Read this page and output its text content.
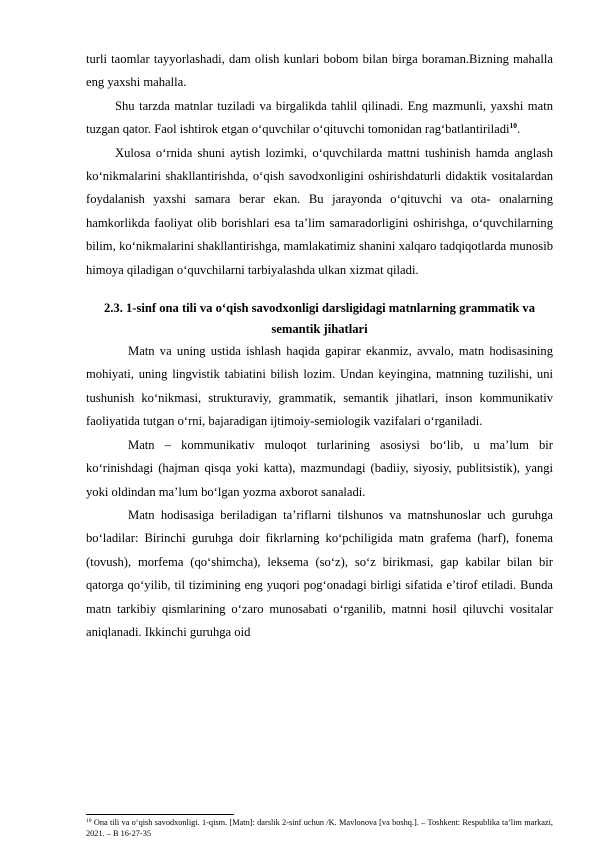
turli taomlar tayyorlashadi, dam olish kunlari bobom bilan birga boraman.Bizning mahalla eng yaxshi mahalla.

Shu tarzda matnlar tuziladi va birgalikda tahlil qilinadi. Eng mazmunli, yaxshi matn tuzgan qator. Faol ishtirok etgan o‘quvchilar o‘qituvchi tomonidan rag‘batlantiriladi$^{10}$.

Xulosa o‘rnida shuni aytish lozimki, o‘quvchilarda mattni tushinish hamda anglash ko‘nikmalarini shakllantirishda, o‘qish savodxonligini oshirishdaturli didaktik vositalardan foydalanish yaxshi samara berar ekan. Bu jarayonda o‘qituvchi va ota- onalarning hamkorlikda faoliyat olib borishlari esa ta’lim samaradorligini oshirishga, o‘quvchilarning bilim, ko‘nikmalarini shakllantirishga, mamlakatimiz shanini xalqaro tadqiqotlarda munosib himoya qiladigan o‘quvchilarni tarbiyalashda ulkan xizmat qiladi.

2.3. 1-sinf ona tili va o‘qish savodxonligi darsligidagi matnlarning grammatik va semantik jihatlari

Matn va uning ustida ishlash haqida gapirar ekanmiz, avvalo, matn hodisasining mohiyati, uning lingvistik tabiatini bilish lozim. Undan keyingina, matnning tuzilishi, uni tushunish ko‘nikmasi, strukturaviy, grammatik, semantik jihatlari, inson kommunikativ faoliyatida tutgan o‘rni, bajaradigan ijtimoiy-semiologik vazifalari o‘rganiladi.

Matn – kommunikativ muloqot turlarining asosiysi bo‘lib, u ma’lum bir ko‘rinishdagi (hajman qisqa yoki katta), mazmundagi (badiiy, siyosiy, publitsistik), yangi yoki oldindan ma’lum bo‘lgan yozma axborot sanaladi.

Matn hodisasiga beriladigan ta’riflarni tilshunos va matnshunoslar uch guruhga bo‘ladilar: Birinchi guruhga doir fikrlarning ko‘pchiligida matn grafema (harf), fonema (tovush), morfema (qo‘shimcha), leksema (so‘z), so‘z birikmasi, gap kabilar bilan bir qatorga qo‘yilib, til tizimining eng yuqori pog‘onadagi birligi sifatida e’tirof etiladi. Bunda matn tarkibiy qismlarining o‘zaro munosabati o‘rganilib, matnni hosil qiluvchi vositalar aniqlanadi. Ikkinchi guruhga oid

$^{10}$ Ona tili va o‘qish savodxonligi. 1-qism. [Matn]: darslik 2-sinf uchun /K. Mavlonova [va boshq.]. – Toshkent: Respublika ta’lim markazi, 2021. – B 16-27-35
